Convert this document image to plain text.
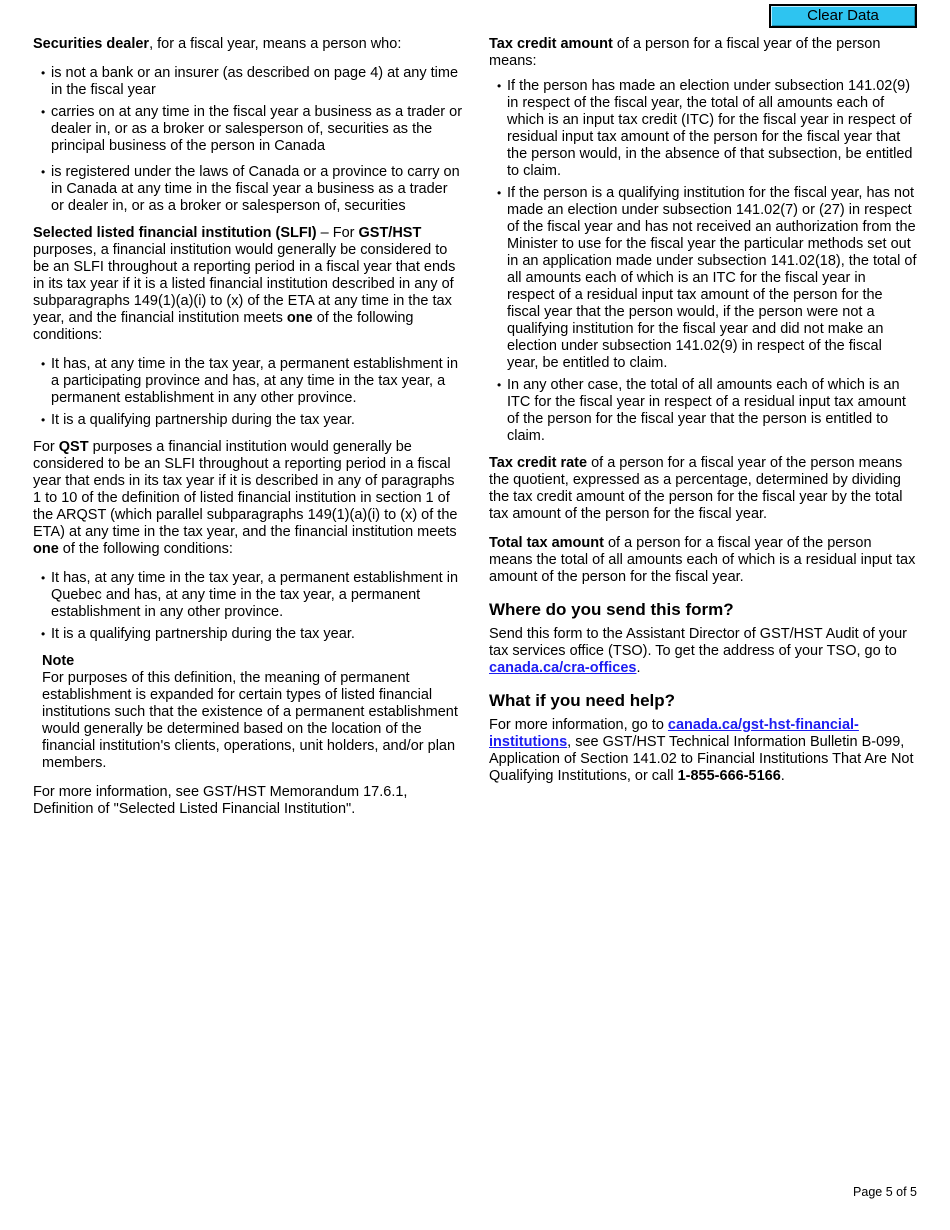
Clear Data

Securities dealer, for a fiscal year, means a person who:

• is not a bank or an insurer (as described on page 4) at any time in the fiscal year
• carries on at any time in the fiscal year a business as a trader or dealer in, or as a broker or salesperson of, securities as the principal business of the person in Canada
• is registered under the laws of Canada or a province to carry on in Canada at any time in the fiscal year a business as a trader or dealer in, or as a broker or salesperson of, securities

Selected listed financial institution (SLFI) – For GST/HST purposes, a financial institution would generally be considered to be an SLFI throughout a reporting period in a fiscal year that ends in its tax year if it is a listed financial institution described in any of subparagraphs 149(1)(a)(i) to (x) of the ETA at any time in the tax year, and the financial institution meets one of the following conditions:

• It has, at any time in the tax year, a permanent establishment in a participating province and has, at any time in the tax year, a permanent establishment in any other province.
• It is a qualifying partnership during the tax year.

For QST purposes a financial institution would generally be considered to be an SLFI throughout a reporting period in a fiscal year that ends in its tax year if it is described in any of paragraphs 1 to 10 of the definition of listed financial institution in section 1 of the ARQST (which parallel subparagraphs 149(1)(a)(i) to (x) of the ETA) at any time in the tax year, and the financial institution meets one of the following conditions:

• It has, at any time in the tax year, a permanent establishment in Quebec and has, at any time in the tax year, a permanent establishment in any other province.
• It is a qualifying partnership during the tax year.
Note
For purposes of this definition, the meaning of permanent establishment is expanded for certain types of listed financial institutions such that the existence of a permanent establishment would generally be determined based on the location of the financial institution's clients, operations, unit holders, and/or plan members.

For more information, see GST/HST Memorandum 17.6.1, Definition of "Selected Listed Financial Institution".

Tax credit amount of a person for a fiscal year of the person means:

• If the person has made an election under subsection 141.02(9) in respect of the fiscal year, the total of all amounts each of which is an input tax credit (ITC) for the fiscal year in respect of residual input tax amount of the person for the fiscal year that the person would, in the absence of that subsection, be entitled to claim.
• If the person is a qualifying institution for the fiscal year, has not made an election under subsection 141.02(7) or (27) in respect of the fiscal year and has not received an authorization from the Minister to use for the fiscal year the particular methods set out in an application made under subsection 141.02(18), the total of all amounts each of which is an ITC for the fiscal year in respect of a residual input tax amount of the person for the fiscal year that the person would, if the person were not a qualifying institution for the fiscal year and did not make an election under subsection 141.02(9) in respect of the fiscal year, be entitled to claim.
• In any other case, the total of all amounts each of which is an ITC for the fiscal year in respect of a residual input tax amount of the person for the fiscal year that the person is entitled to claim.

Tax credit rate of a person for a fiscal year of the person means the quotient, expressed as a percentage, determined by dividing the tax credit amount of the person for the fiscal year by the total tax amount of the person for the fiscal year.

Total tax amount of a person for a fiscal year of the person means the total of all amounts each of which is a residual input tax amount of the person for the fiscal year.

Where do you send this form?

Send this form to the Assistant Director of GST/HST Audit of your tax services office (TSO). To get the address of your TSO, go to canada.ca/cra-offices.

What if you need help?

For more information, go to canada.ca/gst-hst-financial-institutions, see GST/HST Technical Information Bulletin B-099, Application of Section 141.02 to Financial Institutions That Are Not Qualifying Institutions, or call 1-855-666-5166.

Page 5 of 5
